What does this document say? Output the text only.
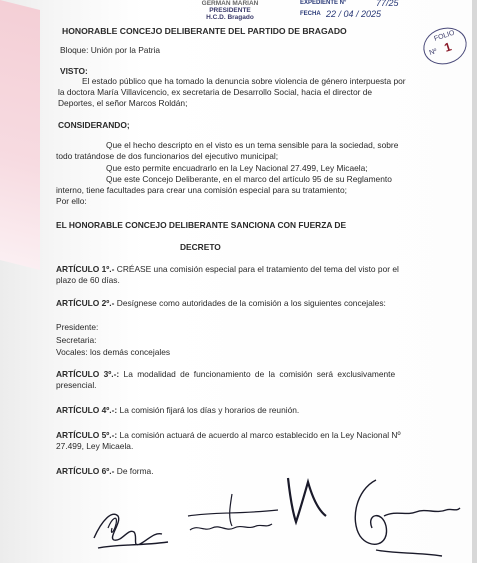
GERMAN MARIAN
PRESIDENTE
H.C.D. Bragado
EXPEDIENTE Nº	77/25
FECHA 22 / 04 / 2025
FOLIO
Nº 1
HONORABLE CONCEJO DELIBERANTE DEL PARTIDO DE BRAGADO
Bloque: Unión por la Patria
VISTO:
El estado público que ha tomado la denuncia sobre violencia de género interpuesta por
la doctora María Villavicencio, ex secretaria de Desarrollo Social, hacia el director de
Deportes, el señor Marcos Roldán;
CONSIDERANDO;
Que el hecho descripto en el visto es un tema sensible para la sociedad, sobre
todo tratándose de dos funcionarios del ejecutivo municipal;
Que esto permite encuadrarlo en la Ley Nacional 27.499, Ley Micaela;
Que este Concejo Deliberante, en el marco del artículo 95 de su Reglamento
interno, tiene facultades para crear una comisión especial para su tratamiento;
Por ello:
EL HONORABLE CONCEJO DELIBERANTE SANCIONA CON FUERZA DE
DECRETO
ARTÍCULO 1º.- CRÉASE una comisión especial para el tratamiento del tema del visto por el
plazo de 60 días.
ARTÍCULO 2º.- Desígnese como autoridades de la comisión a los siguientes concejales:
Presidente:
Secretaria:
Vocales: los demás concejales
ARTÍCULO 3º.-: La modalidad de funcionamiento de la comisión será exclusivamente
presencial.
ARTÍCULO 4º.-: La comisión fijará los días y horarios de reunión.
ARTÍCULO 5º.-: La comisión actuará de acuerdo al marco establecido en la Ley Nacional Nº
27.499, Ley Micaela.
ARTÍCULO 6º.- De forma.
